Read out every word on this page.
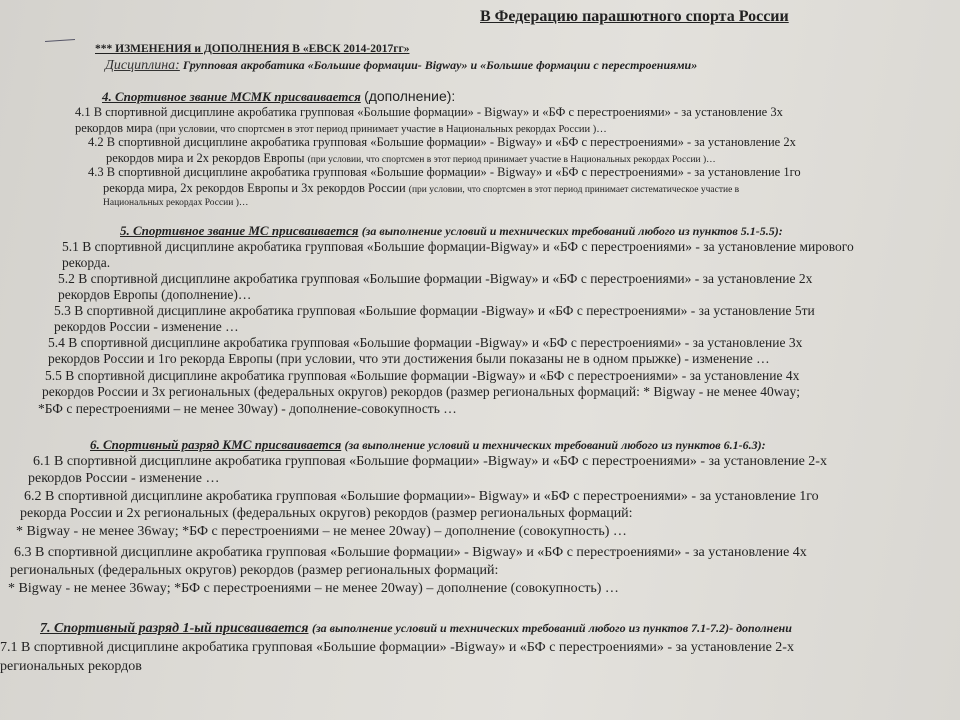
В Федерацию парашютного спорта России
*** ИЗМЕНЕНИЯ и ДОПОЛНЕНИЯ В «ЕВСК 2014-2017гг»
Дисциплина: Групповая акробатика «Большие формации- Bigway» и «Большие формации с перестроениями»
4. Спортивное звание МСМК присваивается (дополнение):
4.1 В спортивной дисциплине акробатика групповая «Большие формации» - Bigway» и «БФ с перестроениями» - за установление 3х
рекордов мира (при условии, что спортсмен в этот период принимает участие в Национальных рекордах России )…
4.2 В спортивной дисциплине акробатика групповая «Большие формации» - Bigway» и «БФ с перестроениями» - за установление 2х
рекордов мира и 2х рекордов Европы (при условии, что спортсмен в этот период принимает участие в Национальных рекордах России )…
4.3 В спортивной дисциплине акробатика групповая «Большие формации» - Bigway» и «БФ с перестроениями» - за установление 1го
рекорда мира, 2х рекордов Европы и 3х рекордов России (при условии, что спортсмен в этот период принимает систематическое участие в
Национальных рекордах России )…
5. Спортивное звание МС присваивается (за выполнение условий и технических требований любого из пунктов 5.1-5.5):
5.1 В спортивной дисциплине акробатика групповая «Большие формации-Bigway» и «БФ с перестроениями» - за установление мирового
рекорда.
5.2 В спортивной дисциплине акробатика групповая «Большие формации -Bigway» и «БФ с перестроениями» - за установление 2х
рекордов Европы (дополнение)…
5.3 В спортивной дисциплине акробатика групповая «Большие формации -Bigway» и «БФ с перестроениями» - за установление 5ти
рекордов России - изменение …
5.4 В спортивной дисциплине акробатика групповая «Большие формации -Bigway» и «БФ с перестроениями» - за установление 3х
рекордов России и 1го рекорда Европы (при условии, что эти достижения были показаны не в одном прыжке) - изменение …
5.5 В спортивной дисциплине акробатика групповая «Большие формации -Bigway» и «БФ с перестроениями» - за установление 4х
рекордов России и 3х региональных (федеральных округов) рекордов (размер региональных формаций: * Bigway - не менее 40way;
*БФ с перестроениями – не менее 30way) - дополнение-совокупность …
6. Спортивный разряд КМС присваивается (за выполнение условий и технических требований любого из пунктов 6.1-6.3):
6.1 В спортивной дисциплине акробатика групповая «Большие формации» -Bigway» и «БФ с перестроениями» - за установление 2-х
рекордов России - изменение …
6.2 В спортивной дисциплине акробатика групповая «Большие формации»- Bigway» и «БФ с перестроениями» - за установление 1го
рекорда России и 2х региональных (федеральных округов) рекордов (размер региональных формаций:
* Bigway - не менее 36way; *БФ с перестроениями – не менее 20way) – дополнение (совокупность) …
6.3 В спортивной дисциплине акробатика групповая «Большие формации» - Bigway» и «БФ с перестроениями» - за установление 4х
региональных (федеральных округов) рекордов (размер региональных формаций:
* Bigway - не менее 36way; *БФ с перестроениями – не менее 20way) – дополнение (совокупность) …
7. Спортивный разряд 1-ый присваивается (за выполнение условий и технических требований любого из пунктов 7.1-7.2)- дополнени
7.1 В спортивной дисциплине акробатика групповая «Большие формации» -Bigway» и «БФ с перестроениями» - за установление 2-х
региональных рекордов
